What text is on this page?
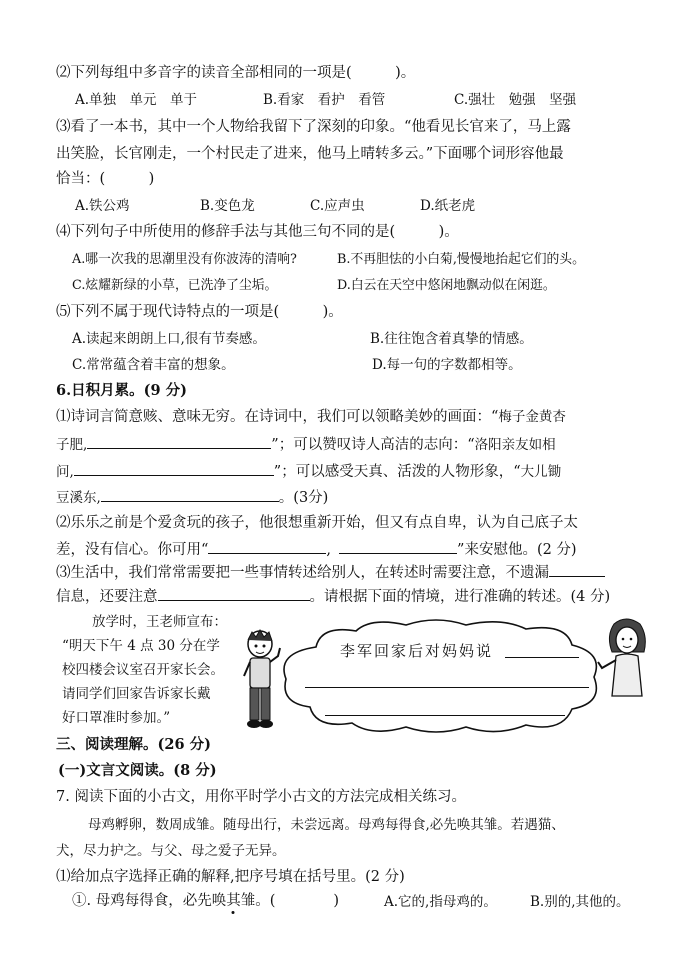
⑵下列每组中多音字的读音全部相同的一项是(　　　)。
A.单独　单元　单于	B.看家　看护　看管	C.强壮　勉强　坚强
⑶看了一本书，其中一个人物给我留下了深刻的印象。“他看见长官来了，马上露
出笑脸，长官刚走，一个村民走了进来，他马上晴转多云。”下面哪个词形容他最
恰当：(　　　)
A.铁公鸡	B.变色龙	C.应声虫	D.纸老虎
⑷下列句子中所使用的修辞手法与其他三句不同的是(　　　)。
A.哪一次我的思潮里没有你波涛的清响?	B.不再胆怯的小白菊,慢慢地抬起它们的头。
C.炫耀新绿的小草，已洗净了尘垢。	D.白云在天空中悠闲地飘动似在闲逛。
⑸下列不属于现代诗特点的一项是(　　　)。
A.读起来朗朗上口,很有节奏感。	B.往往饱含着真挚的情感。
C.常常蕴含着丰富的想象。	D.每一句的字数都相等。
6.日积月累。(9 分)
⑴诗词言简意赅、意味无穷。在诗词中，我们可以领略美妙的画面：“梅子金黄杏
子肥,	”；可以赞叹诗人高洁的志向：“洛阳亲友如相
问,	”；可以感受天真、活泼的人物形象，“大儿锄
豆溪东,	。(3分)
⑵乐乐之前是个爱贪玩的孩子，他很想重新开始，但又有点自卑，认为自己底子太
差，没有信心。你可用“	,	”来安慰他。(2 分)
⑶生活中，我们常常需要把一些事情转述给别人，在转述时需要注意，不遗漏
信息，还要注意	。请根据下面的情境，进行准确的转述。(4 分)
放学时，王老师宣布：
“明天下午 4 点 30 分在学
校四楼会议室召开家长会。
请同学们回家告诉家长戴
好口罩准时参加。”
李军回家后对妈妈说
三、阅读理解。(26 分)
(一)文言文阅读。(8 分)
7. 阅读下面的小古文，用你平时学小古文的方法完成相关练习。
母鸡孵卵，数周成雏。随母出行，未尝远离。母鸡每得食,必先唤其雏。若遇猫、
犬，尽力护之。与父、母之爱子无异。
⑴给加点字选择正确的解释,把序号填在括号里。(2 分)
①. 母鸡每得食，必先唤其雏。(　　　　)	A.它的,指母鸡的。 B.别的,其他的。
